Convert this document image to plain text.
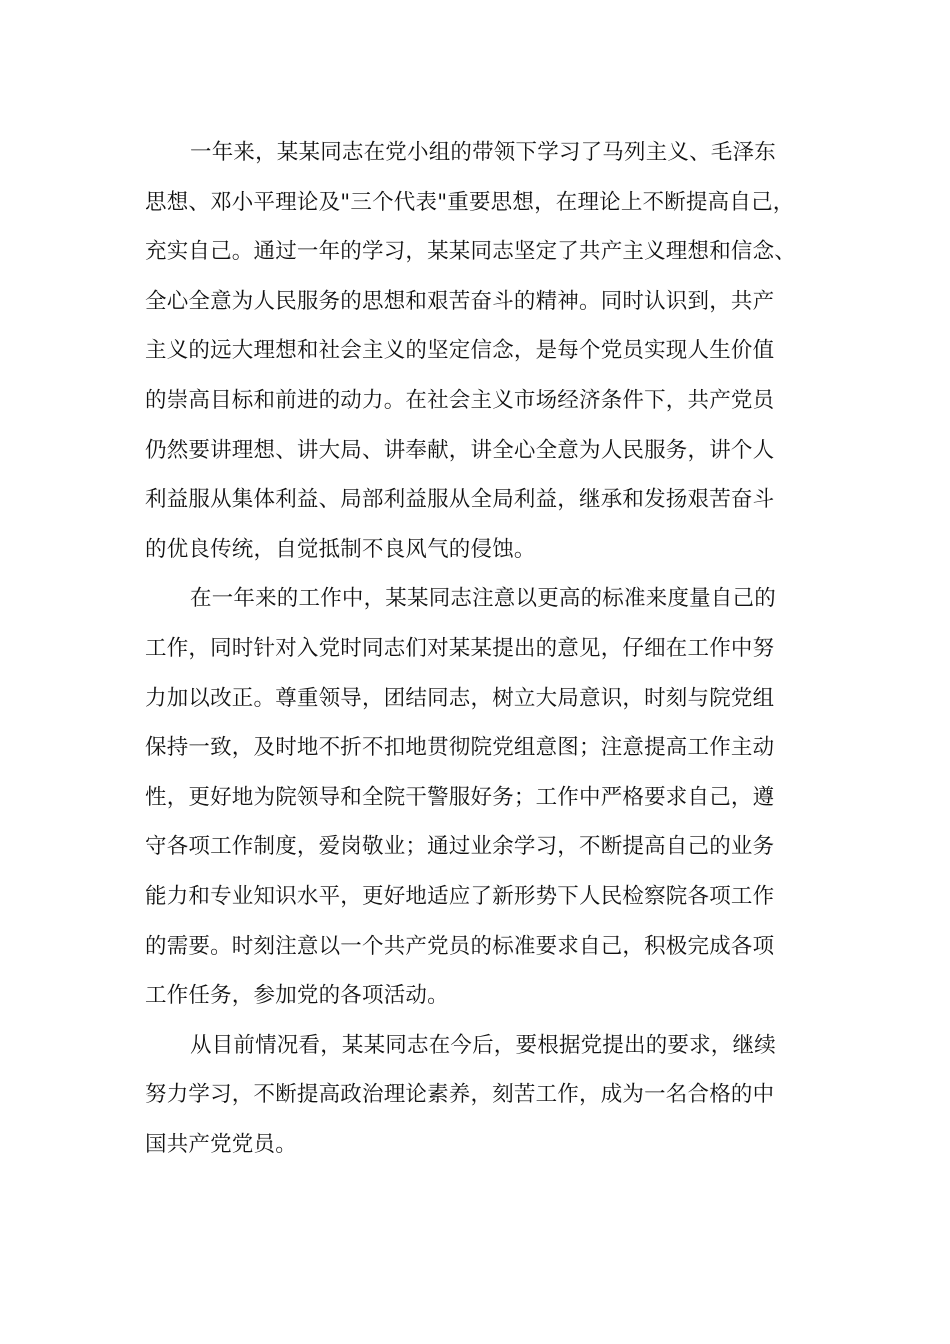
一年来，某某同志在党小组的带领下学习了马列主义、毛泽东
思想、邓小平理论及"三个代表"重要思想，在理论上不断提高自己，
充实自己。通过一年的学习，某某同志坚定了共产主义理想和信念、
全心全意为人民服务的思想和艰苦奋斗的精神。同时认识到，共产
主义的远大理想和社会主义的坚定信念，是每个党员实现人生价值
的崇高目标和前进的动力。在社会主义市场经济条件下，共产党员
仍然要讲理想、讲大局、讲奉献，讲全心全意为人民服务，讲个人
利益服从集体利益、局部利益服从全局利益，继承和发扬艰苦奋斗
的优良传统，自觉抵制不良风气的侵蚀。

在一年来的工作中，某某同志注意以更高的标准来度量自己的
工作，同时针对入党时同志们对某某提出的意见，仔细在工作中努
力加以改正。尊重领导，团结同志，树立大局意识，时刻与院党组
保持一致，及时地不折不扣地贯彻院党组意图；注意提高工作主动
性，更好地为院领导和全院干警服好务；工作中严格要求自己，遵
守各项工作制度，爱岗敬业；通过业余学习，不断提高自己的业务
能力和专业知识水平，更好地适应了新形势下人民检察院各项工作
的需要。时刻注意以一个共产党员的标准要求自己，积极完成各项
工作任务，参加党的各项活动。

从目前情况看，某某同志在今后，要根据党提出的要求，继续
努力学习，不断提高政治理论素养，刻苦工作，成为一名合格的中
国共产党党员。
